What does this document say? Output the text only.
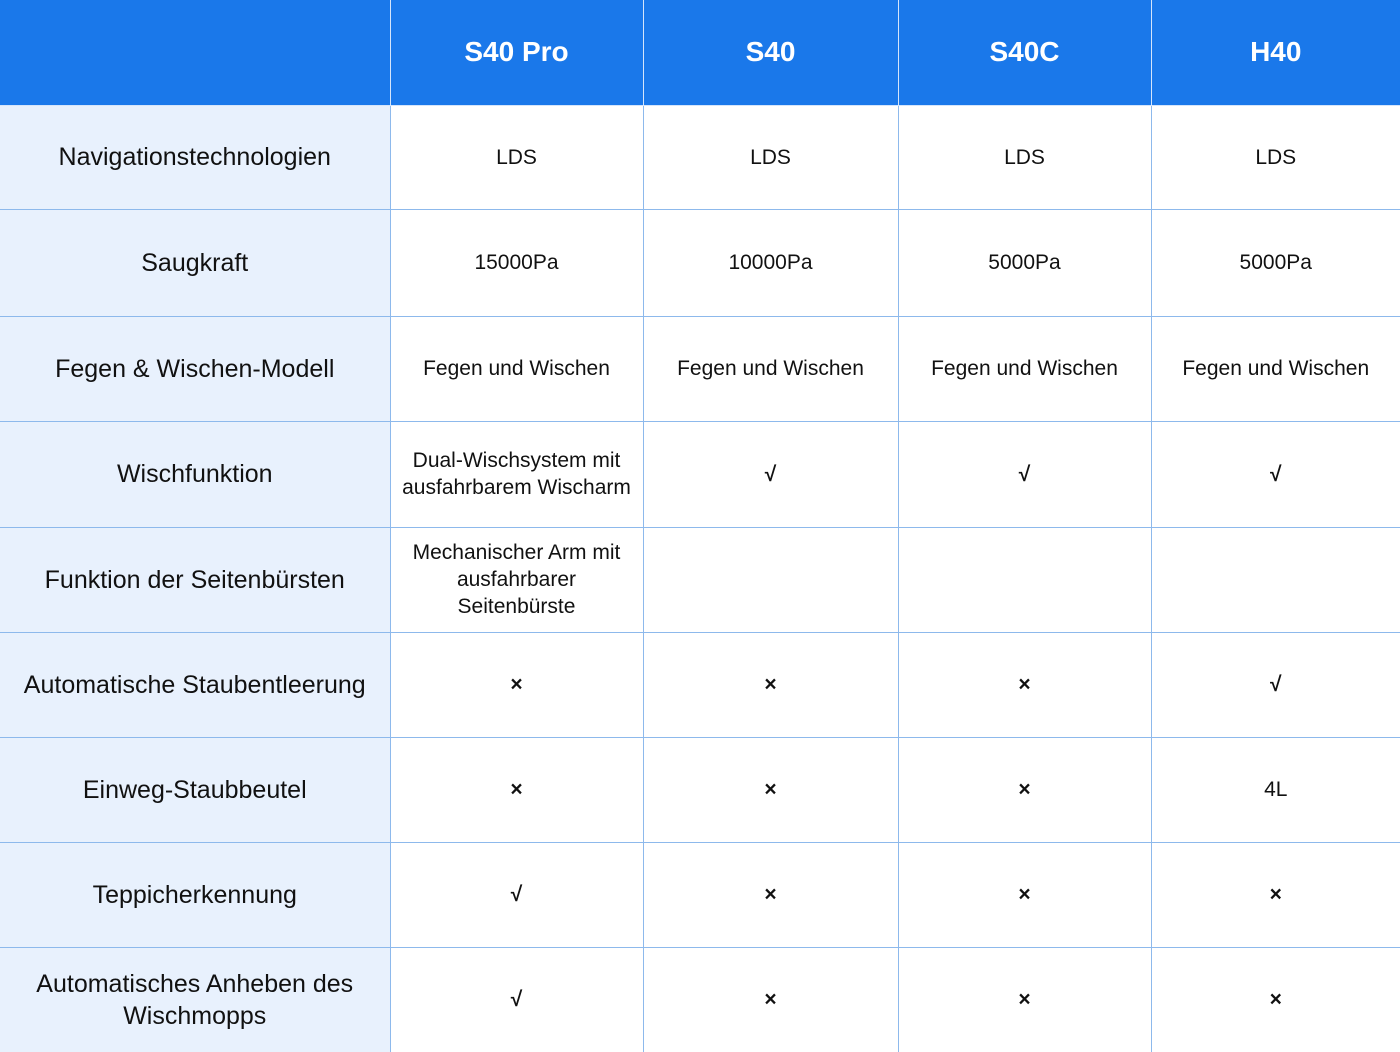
	S40 Pro	S40	S40C	H40
Navigationstechnologien	LDS	LDS	LDS	LDS
Saugkraft	15000Pa	10000Pa	5000Pa	5000Pa
Fegen & Wischen-Modell	Fegen und Wischen	Fegen und Wischen	Fegen und Wischen	Fegen und Wischen
Wischfunktion	Dual-Wischsystem mit ausfahrbarem Wischarm	√	√	√
Funktion der Seitenbürsten	Mechanischer Arm mit ausfahrbarer Seitenbürste			
Automatische Staubentleerung	×	×	×	√
Einweg-Staubbeutel	×	×	×	4L
Teppicherkennung	√	×	×	×
Automatisches Anheben des Wischmopps	√	×	×	×
